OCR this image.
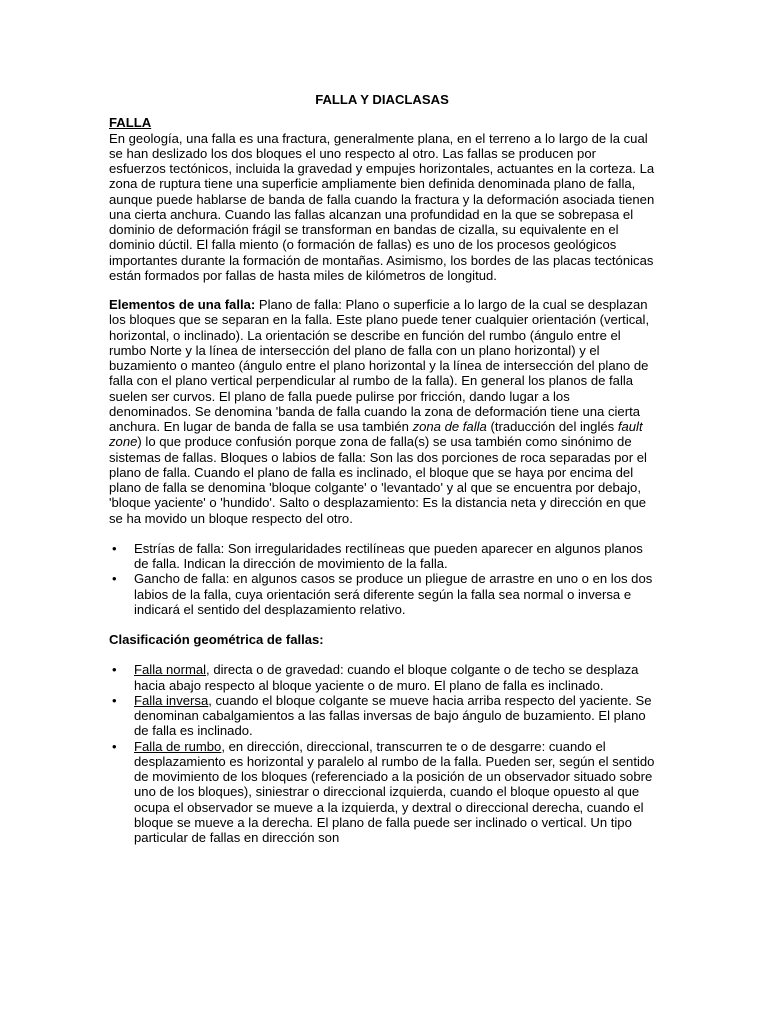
FALLA Y DIACLASAS
FALLA

En geología, una falla es una fractura, generalmente plana, en el terreno a lo largo de la cual se han deslizado los dos bloques el uno respecto al otro. Las fallas se producen por esfuerzos tectónicos, incluida la gravedad y empujes horizontales, actuantes en la corteza. La zona de ruptura tiene una superficie ampliamente bien definida denominada plano de falla, aunque puede hablarse de banda de falla cuando la fractura y la deformación asociada tienen una cierta anchura. Cuando las fallas alcanzan una profundidad en la que se sobrepasa el dominio de deformación frágil se transforman en bandas de cizalla, su equivalente en el dominio dúctil. El falla miento (o formación de fallas) es uno de los procesos geológicos importantes durante la formación de montañas. Asimismo, los bordes de las placas tectónicas están formados por fallas de hasta miles de kilómetros de longitud.

Elementos de una falla: Plano de falla: Plano o superficie a lo largo de la cual se desplazan los bloques que se separan en la falla. Este plano puede tener cualquier orientación (vertical, horizontal, o inclinado). La orientación se describe en función del rumbo (ángulo entre el rumbo Norte y la línea de intersección del plano de falla con un plano horizontal) y el buzamiento o manteo (ángulo entre el plano horizontal y la línea de intersección del plano de falla con el plano vertical perpendicular al rumbo de la falla). En general los planos de falla suelen ser curvos. El plano de falla puede pulirse por fricción, dando lugar a los denominados. Se denomina 'banda de falla cuando la zona de deformación tiene una cierta anchura. En lugar de banda de falla se usa también zona de falla (traducción del inglés fault zone) lo que produce confusión porque zona de falla(s) se usa también como sinónimo de sistemas de fallas. Bloques o labios de falla: Son las dos porciones de roca separadas por el plano de falla. Cuando el plano de falla es inclinado, el bloque que se haya por encima del plano de falla se denomina 'bloque colgante' o 'levantado' y al que se encuentra por debajo, 'bloque yaciente' o 'hundido'. Salto o desplazamiento: Es la distancia neta y dirección en que se ha movido un bloque respecto del otro.

• Estrías de falla: Son irregularidades rectilíneas que pueden aparecer en algunos planos de falla. Indican la dirección de movimiento de la falla.
• Gancho de falla: en algunos casos se produce un pliegue de arrastre en uno o en los dos labios de la falla, cuya orientación será diferente según la falla sea normal o inversa e indicará el sentido del desplazamiento relativo.
Clasificación geométrica de fallas:
• Falla normal, directa o de gravedad: cuando el bloque colgante o de techo se desplaza hacia abajo respecto al bloque yaciente o de muro. El plano de falla es inclinado.
• Falla inversa, cuando el bloque colgante se mueve hacia arriba respecto del yaciente. Se denominan cabalgamientos a las fallas inversas de bajo ángulo de buzamiento. El plano de falla es inclinado.
• Falla de rumbo, en dirección, direccional, transcurren te o de desgarre: cuando el desplazamiento es horizontal y paralelo al rumbo de la falla. Pueden ser, según el sentido de movimiento de los bloques (referenciado a la posición de un observador situado sobre uno de los bloques), siniestrar o direccional izquierda, cuando el bloque opuesto al que ocupa el observador se mueve a la izquierda, y dextral o direccional derecha, cuando el bloque se mueve a la derecha. El plano de falla puede ser inclinado o vertical. Un tipo particular de fallas en dirección son
